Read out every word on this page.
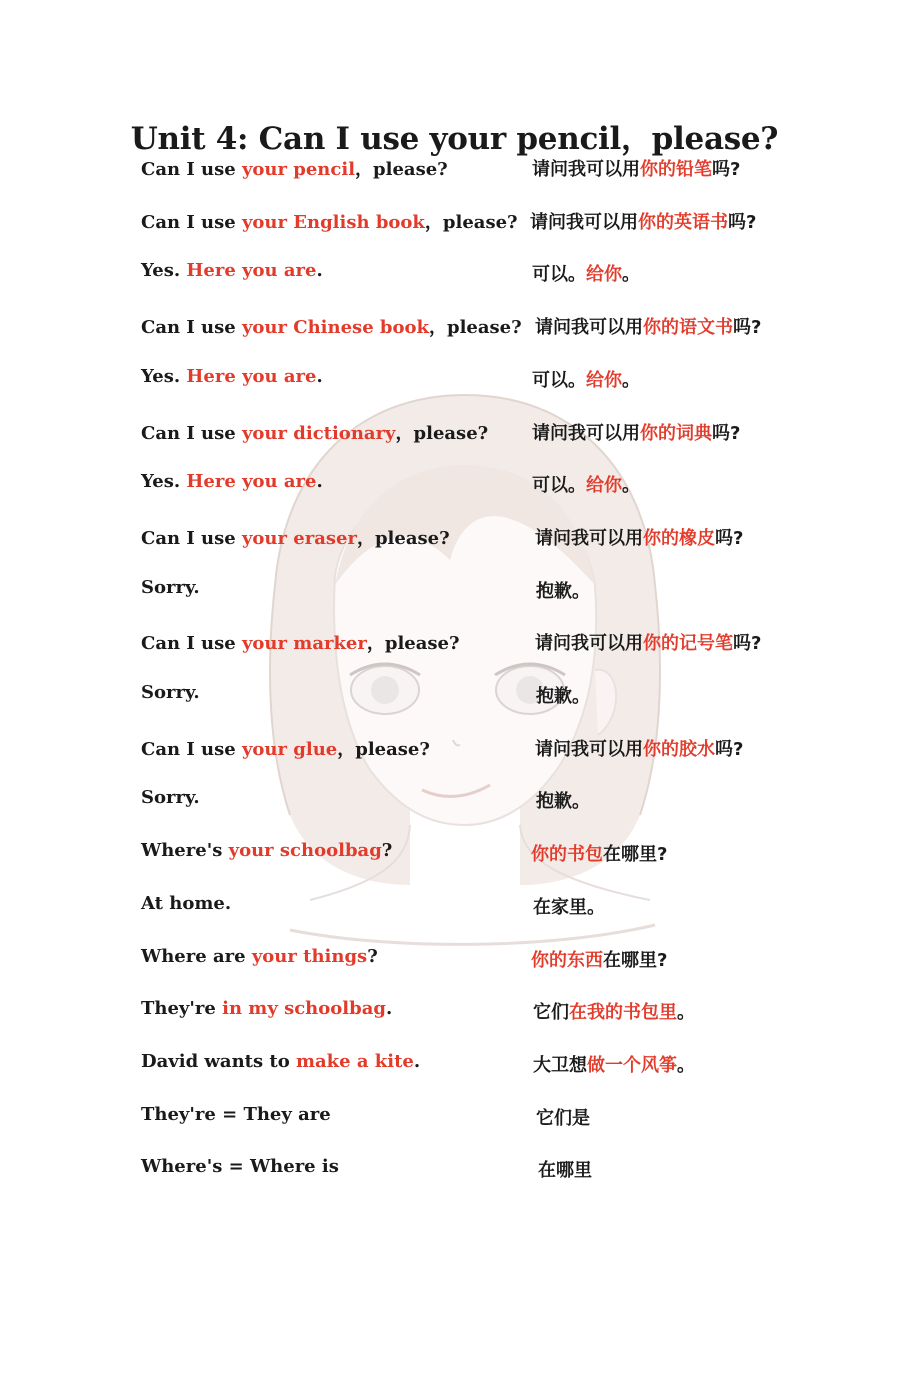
Unit 4: Can I use your pencil，please?
Can I use your pencil，please?	请问我可以用你的铅笔吗?
Can I use your English book，please? 请问我可以用你的英语书吗?
Yes. Here you are.	可以。给你。
Can I use your Chinese book，please? 请问我可以用你的语文书吗?
Yes. Here you are.	可以。给你。
Can I use your dictionary，please? 请问我可以用你的词典吗?
Yes. Here you are.	可以。给你。
Can I use your eraser，please?	请问我可以用你的橡皮吗?
Sorry.	抱歉。
Can I use your marker，please?	请问我可以用你的记号笔吗?
Sorry.	抱歉。
Can I use your glue，please?	请问我可以用你的胶水吗?
Sorry.	抱歉。
Where's your schoolbag?	你的书包在哪里?
At home.	在家里。
Where are your things?	你的东西在哪里?
They're in my schoolbag.	它们在我的书包里。
David wants to make a kite.	大卫想做一个风筝。
They're = They are	它们是
Where's = Where is	在哪里
